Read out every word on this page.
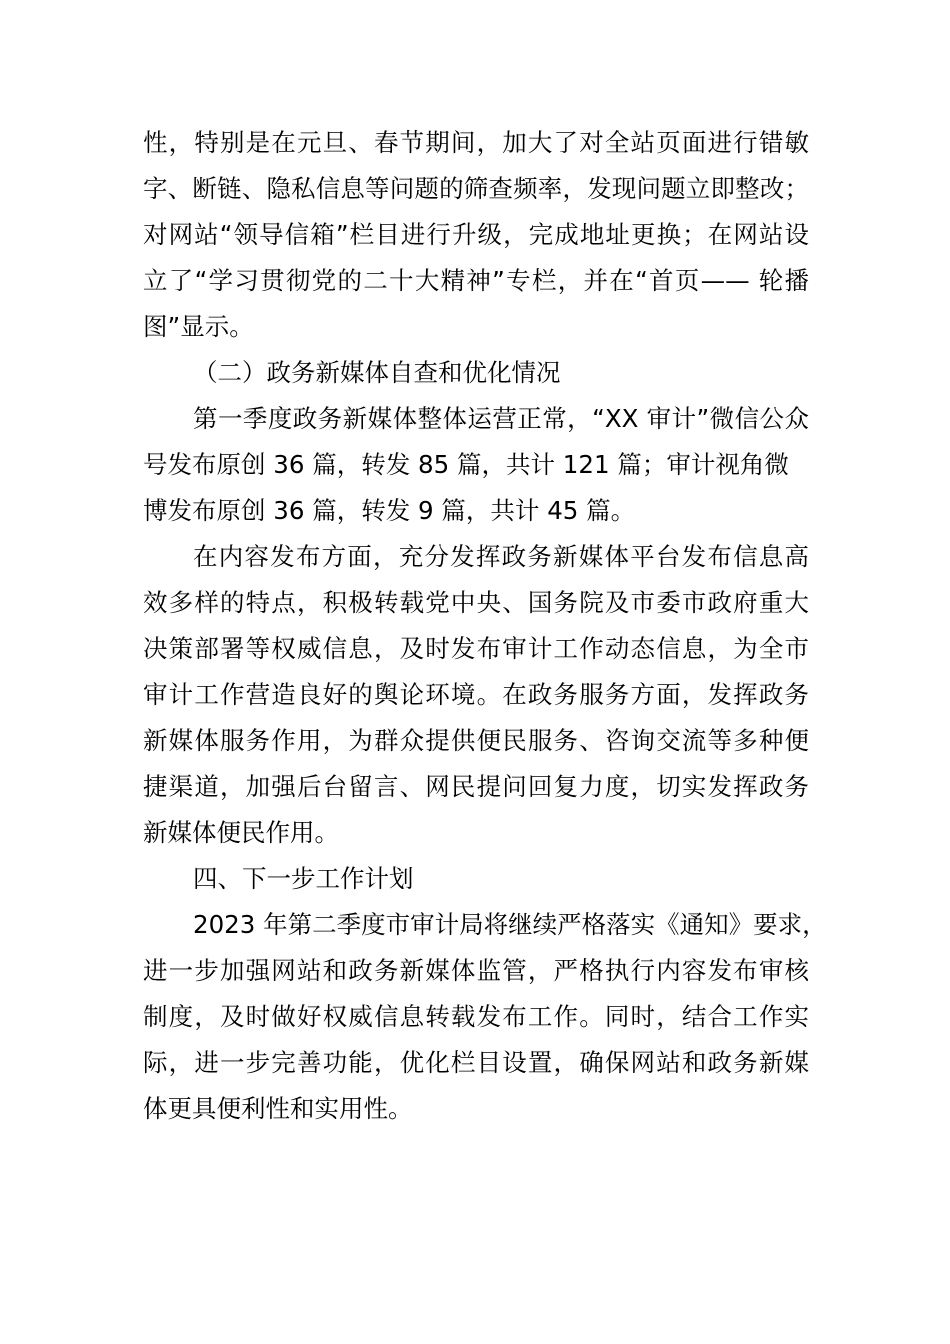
性，特别是在元旦、春节期间，加大了对全站页面进行错敏
字、断链、隐私信息等问题的筛查频率，发现问题立即整改；
对网站“领导信箱”栏目进行升级，完成地址更换；在网站设
立了“学习贯彻党的二十大精神”专栏，并在“首页—— 轮播
图”显示。
（二）政务新媒体自查和优化情况
第一季度政务新媒体整体运营正常，“XX 审计”微信公众
号发布原创 36 篇，转发 85 篇，共计 121 篇；审计视角微
博发布原创 36 篇，转发 9 篇，共计 45 篇。
在内容发布方面，充分发挥政务新媒体平台发布信息高
效多样的特点，积极转载党中央、国务院及市委市政府重大
决策部署等权威信息，及时发布审计工作动态信息，为全市
审计工作营造良好的舆论环境。在政务服务方面，发挥政务
新媒体服务作用，为群众提供便民服务、咨询交流等多种便
捷渠道，加强后台留言、网民提问回复力度，切实发挥政务
新媒体便民作用。
四、下一步工作计划
2023 年第二季度市审计局将继续严格落实《通知》要求，
进一步加强网站和政务新媒体监管，严格执行内容发布审核
制度，及时做好权威信息转载发布工作。同时，结合工作实
际，进一步完善功能，优化栏目设置，确保网站和政务新媒
体更具便利性和实用性。
